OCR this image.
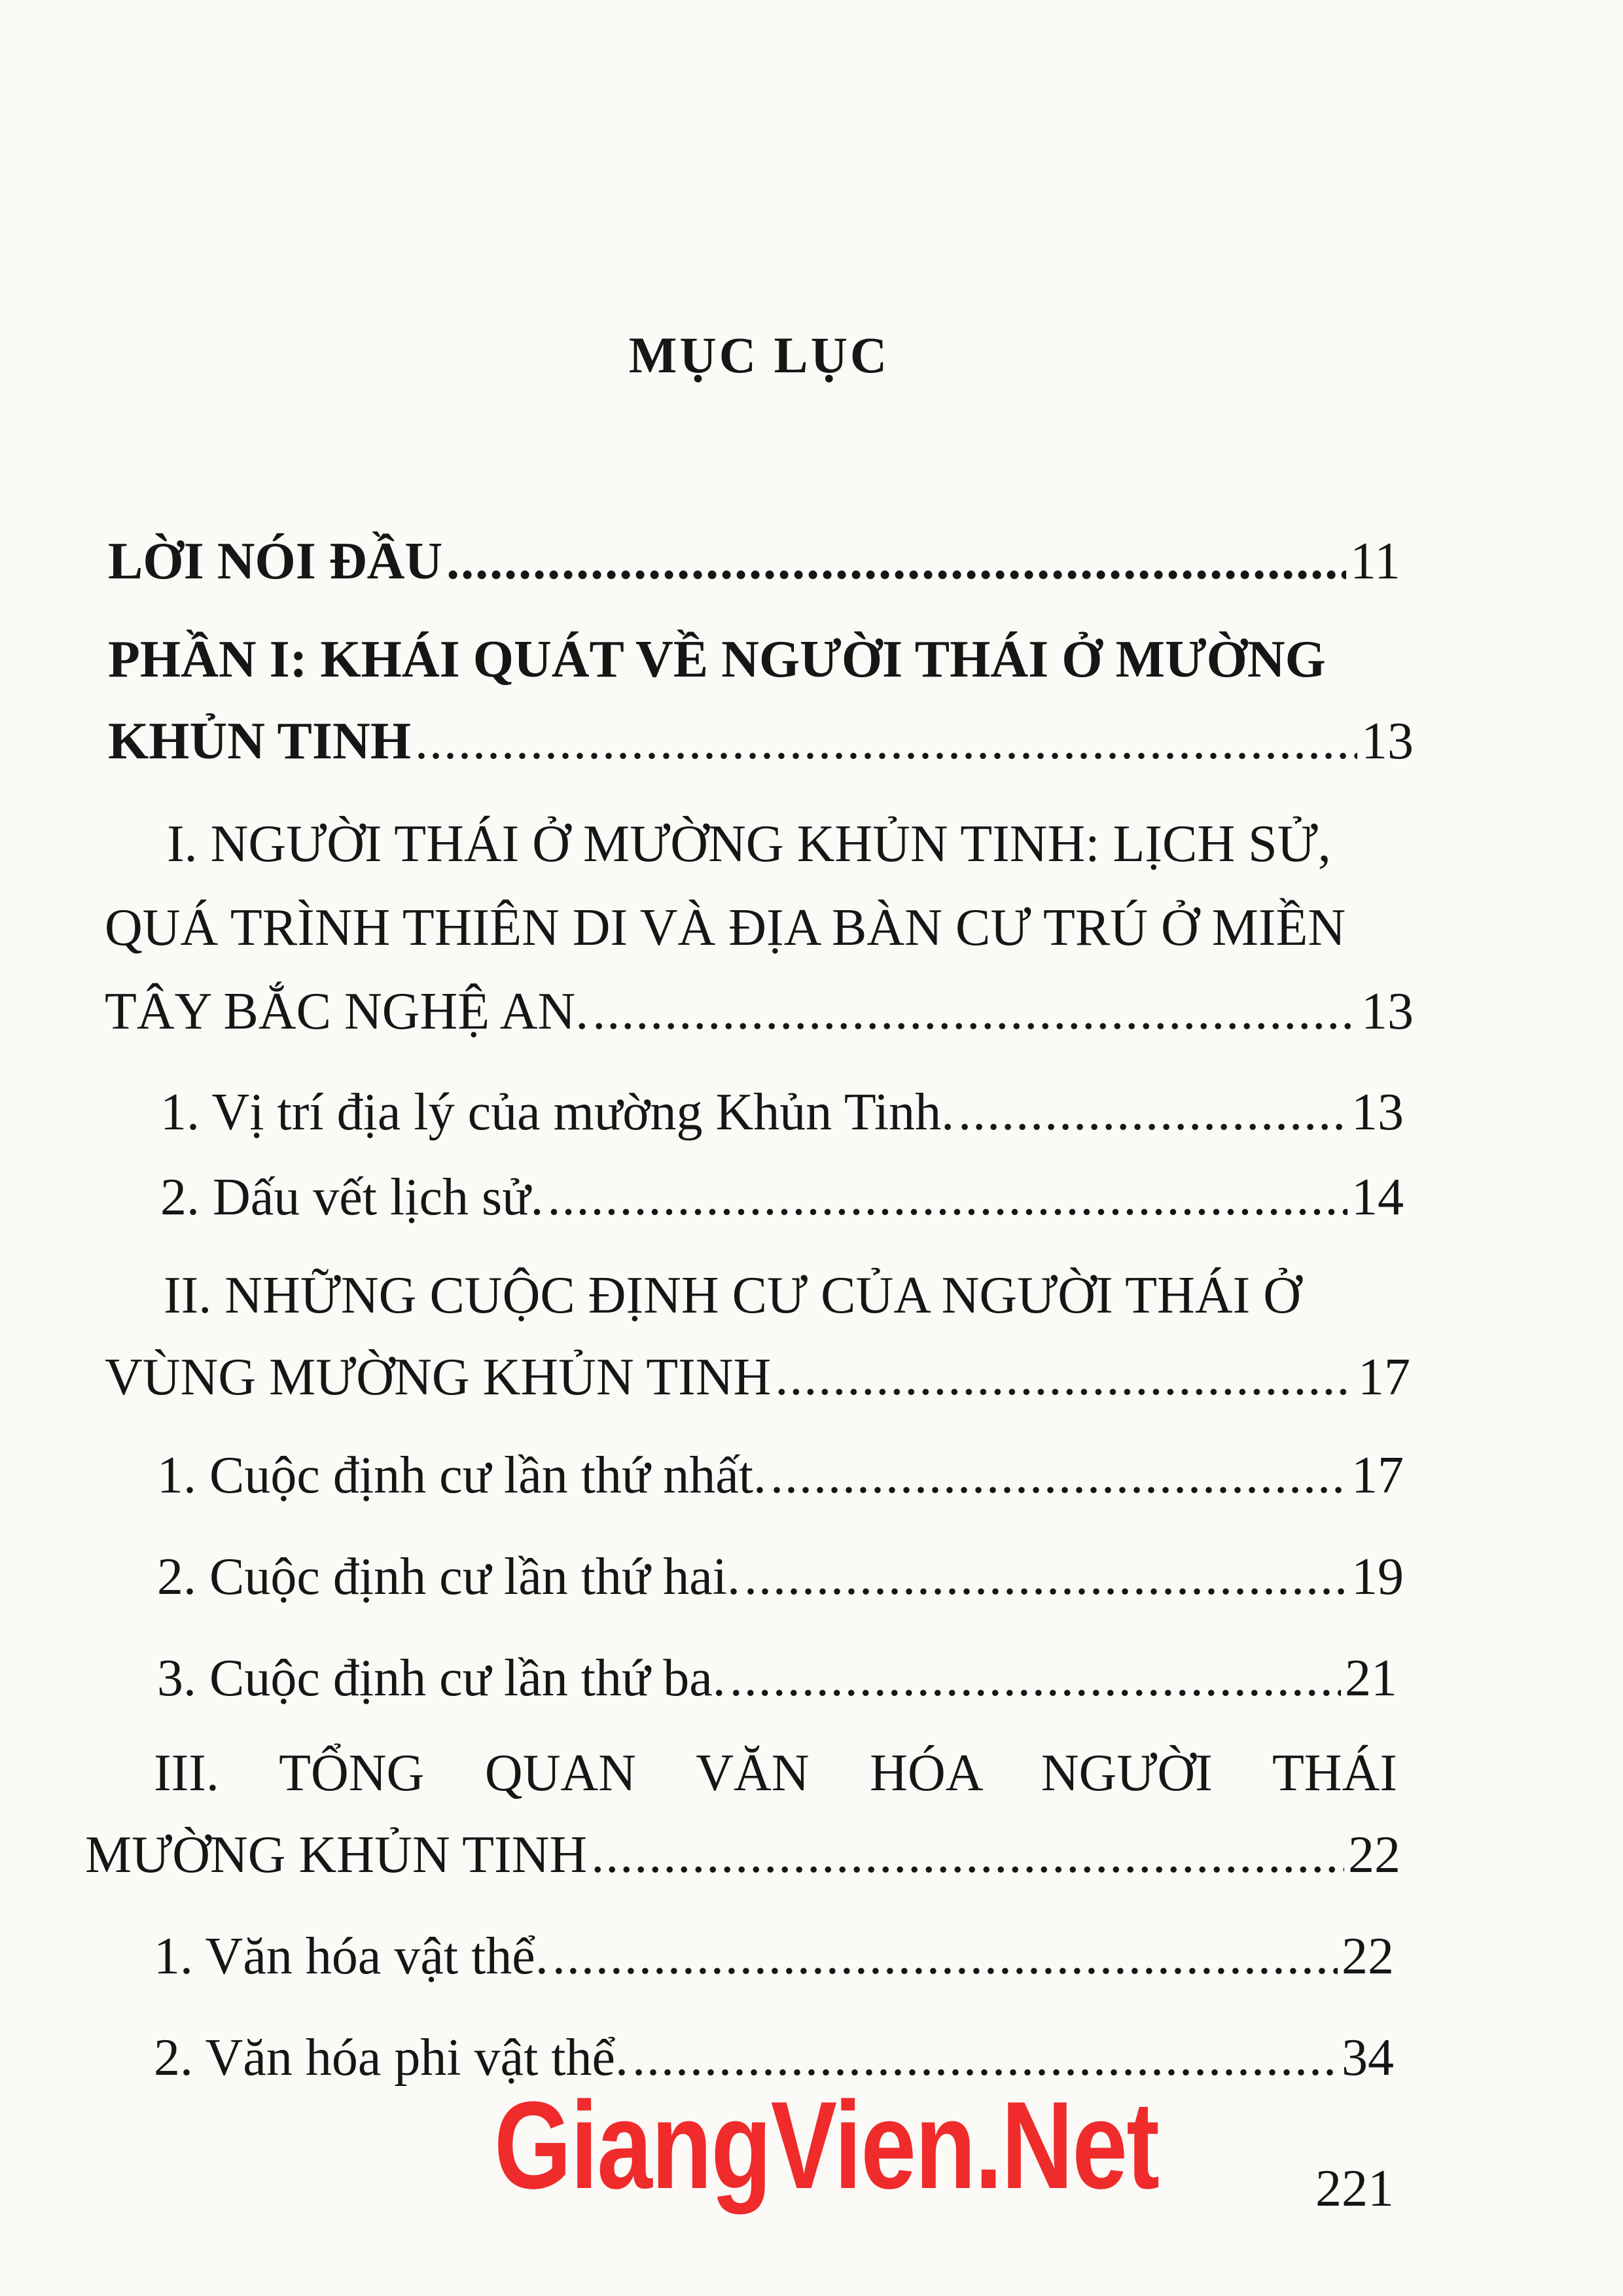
MỤC LỤC
LỜI NÓI ĐẦU .....	11
PHẦN I: KHÁI QUÁT VỀ NGƯỜI THÁI Ở MƯỜNG
KHỦN TINH .....	13
I. NGƯỜI THÁI Ở MƯỜNG KHỦN TINH: LỊCH SỬ,
QUÁ TRÌNH THIÊN DI VÀ ĐỊA BÀN CƯ TRÚ Ở MIỀN
TÂY BẮC NGHỆ AN. .....	13
1. Vị trí địa lý của mường Khủn Tinh. .....	13
2. Dấu vết lịch sử. .....	14
II. NHỮNG CUỘC ĐỊNH CƯ CỦA NGƯỜI THÁI Ở
VÙNG MƯỜNG KHỦN TINH .....	17
1. Cuộc định cư lần thứ nhất. .....	17
2. Cuộc định cư lần thứ hai. .....	19
3. Cuộc định cư lần thứ ba. .....	21
III. TỔNG QUAN VĂN HÓA NGƯỜI THÁI
MƯỜNG KHỦN TINH .....	22
1. Văn hóa vật thể. .....	22
2. Văn hóa phi vật thể. .....	34
GiangVien.Net	221
